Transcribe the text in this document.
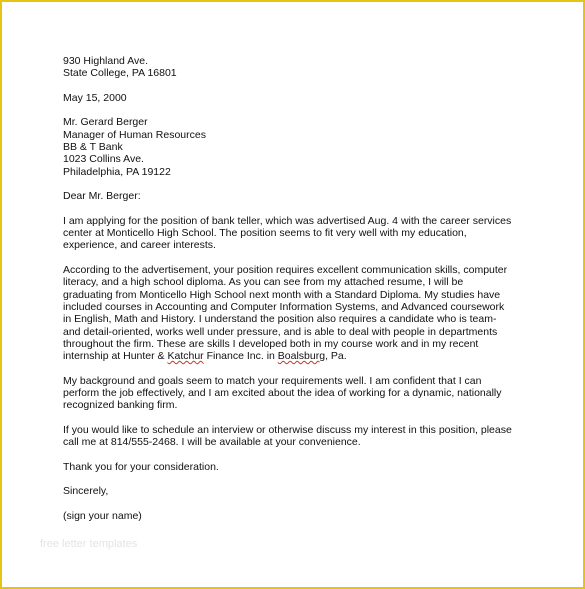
930 Highland Ave.
State College, PA 16801
May 15, 2000
Mr. Gerard Berger
Manager of Human Resources
BB & T Bank
1023 Collins Ave.
Philadelphia, PA 19122
Dear Mr. Berger:
I am applying for the position of bank teller, which was advertised Aug. 4 with the career services
center at Monticello High School. The position seems to fit very well with my education,
experience, and career interests.
According to the advertisement, your position requires excellent communication skills, computer
literacy, and a high school diploma. As you can see from my attached resume, I will be
graduating from Monticello High School next month with a Standard Diploma. My studies have
included courses in Accounting and Computer Information Systems, and Advanced coursework
in English, Math and History. I understand the position also requires a candidate who is team-
and detail-oriented, works well under pressure, and is able to deal with people in departments
throughout the firm. These are skills I developed both in my course work and in my recent
internship at Hunter & Katchur Finance Inc. in Boalsburg, Pa.
My background and goals seem to match your requirements well. I am confident that I can
perform the job effectively, and I am excited about the idea of working for a dynamic, nationally
recognized banking firm.
If you would like to schedule an interview or otherwise discuss my interest in this position, please
call me at 814/555-2468. I will be available at your convenience.
Thank you for your consideration.
Sincerely,
(sign your name)
free letter templates
